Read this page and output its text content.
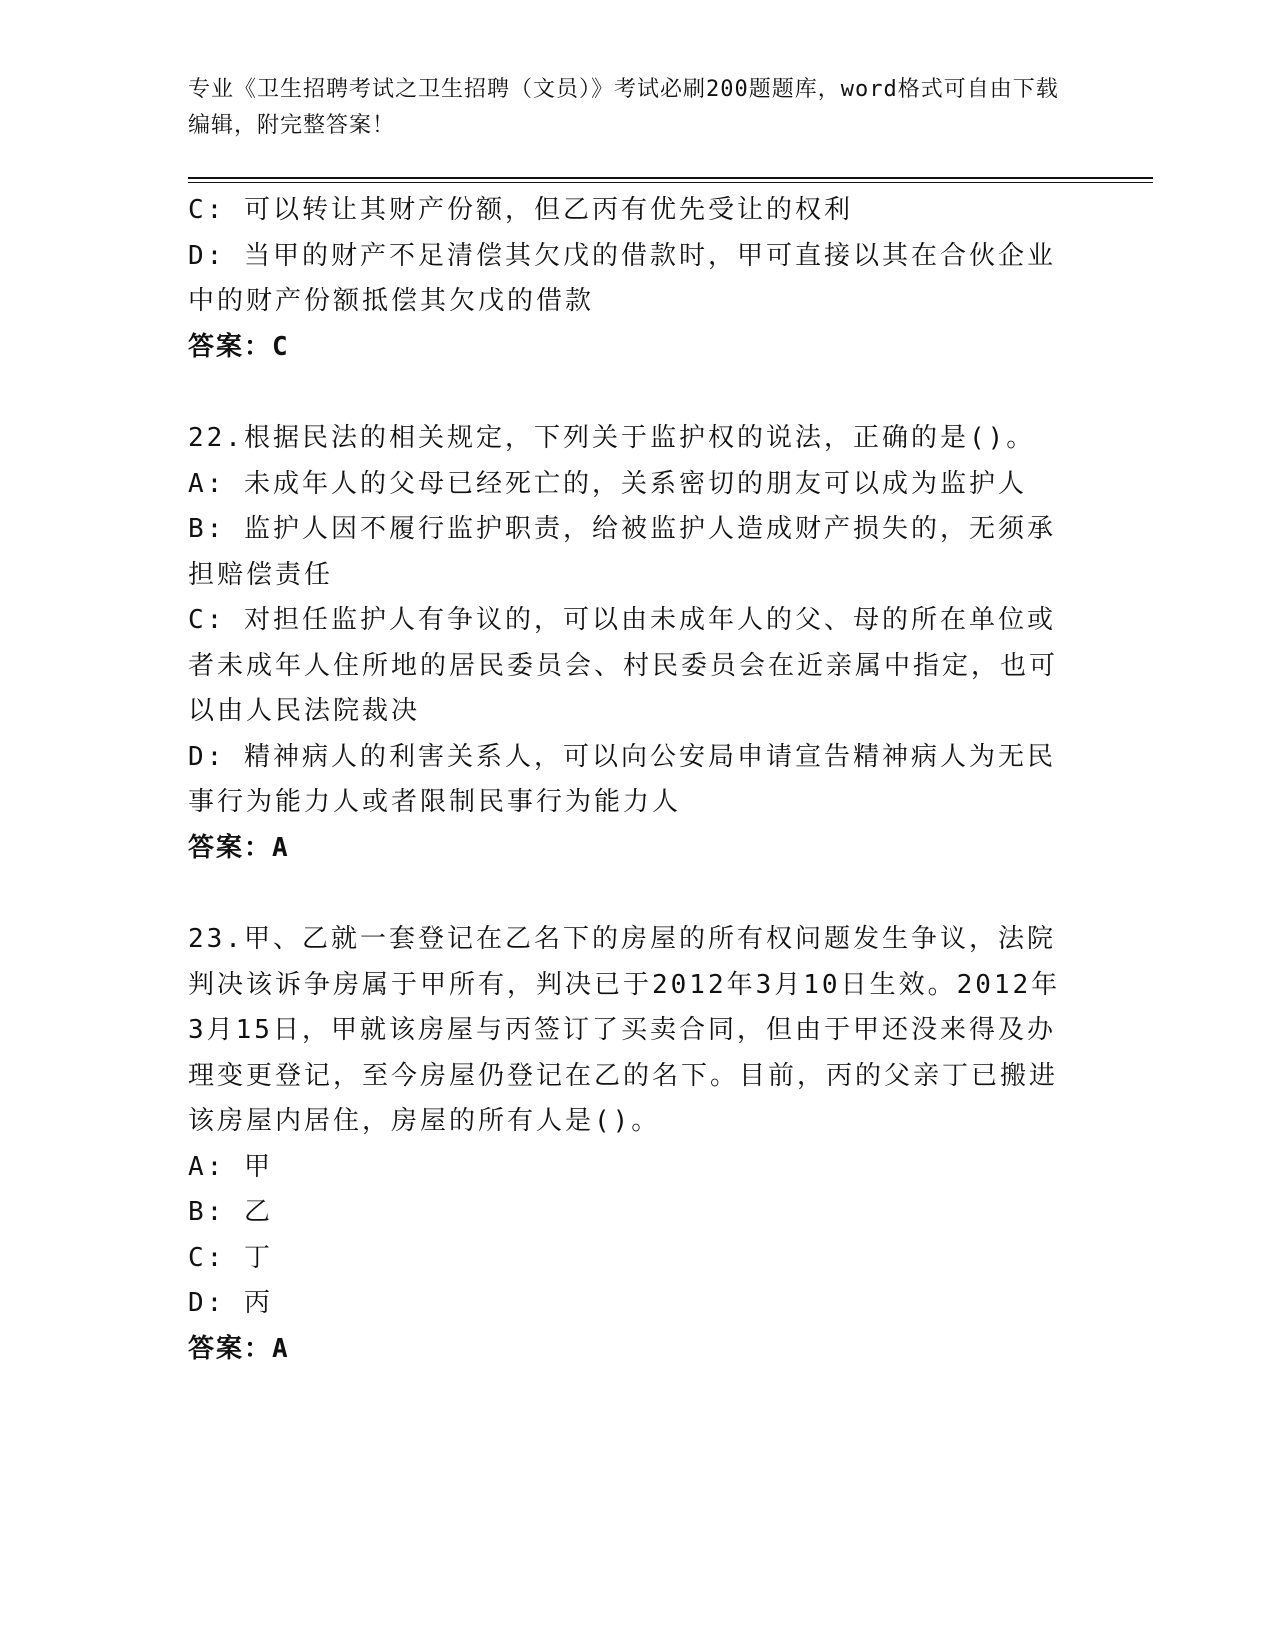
专业《卫生招聘考试之卫生招聘（文员）》考试必刷200题题库，word格式可自由下载编辑，附完整答案！
C: 可以转让其财产份额，但乙丙有优先受让的权利
D: 当甲的财产不足清偿其欠戊的借款时，甲可直接以其在合伙企业中的财产份额抵偿其欠戊的借款
答案：C
22.根据民法的相关规定，下列关于监护权的说法，正确的是()。
A: 未成年人的父母已经死亡的，关系密切的朋友可以成为监护人
B: 监护人因不履行监护职责，给被监护人造成财产损失的，无须承担赔偿责任
C: 对担任监护人有争议的，可以由未成年人的父、母的所在单位或者未成年人住所地的居民委员会、村民委员会在近亲属中指定，也可以由人民法院裁决
D: 精神病人的利害关系人，可以向公安局申请宣告精神病人为无民事行为能力人或者限制民事行为能力人
答案：A
23.甲、乙就一套登记在乙名下的房屋的所有权问题发生争议，法院判决该诉争房属于甲所有，判决已于2012年3月10日生效。2012年3月15日，甲就该房屋与丙签订了买卖合同，但由于甲还没来得及办理变更登记，至今房屋仍登记在乙的名下。目前，丙的父亲丁已搬进该房屋内居住，房屋的所有人是()。
A: 甲
B: 乙
C: 丁
D: 丙
答案：A
